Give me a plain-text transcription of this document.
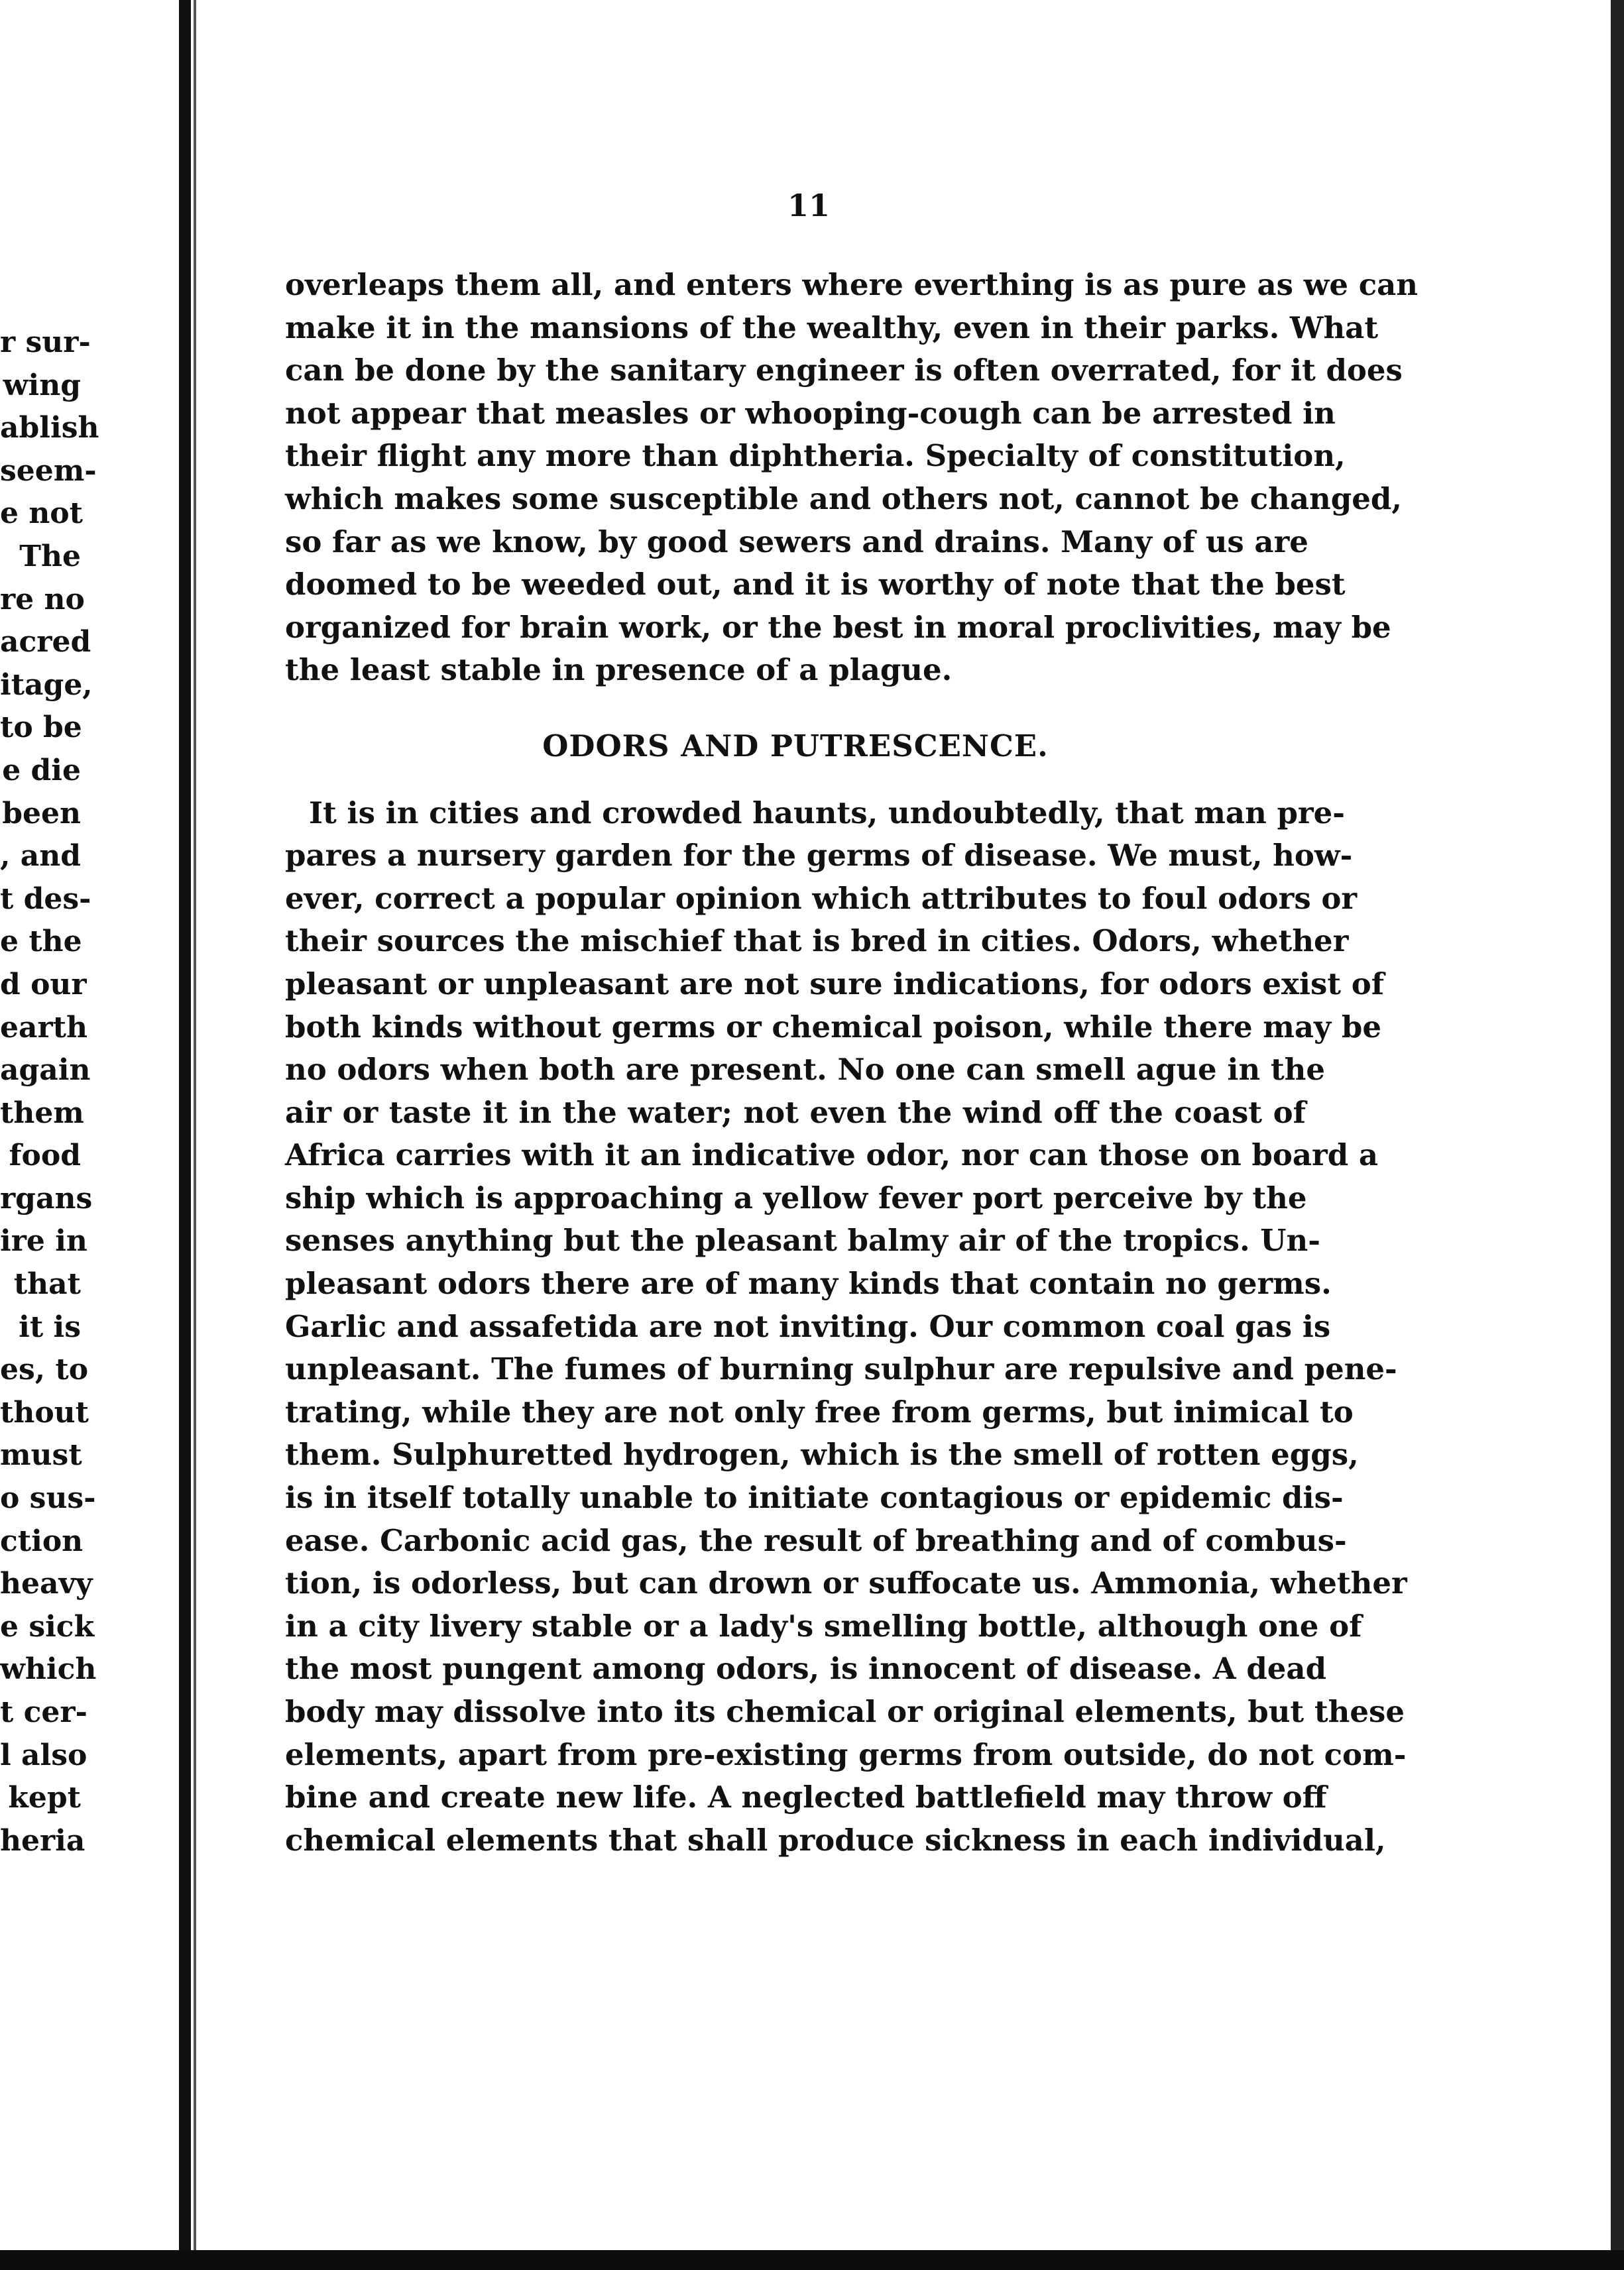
r sur-
wing
ablish
seem-
e not
The
re no
acred
itage,
to be
e die
been
, and
t des-
e the
d our
earth
again
them
food
rgans
ire in
that
it is
es, to
thout
must
o sus-
ction
heavy
e sick
which
t cer-
l also
kept
heria
11
overleaps them all, and enters where everthing is as pure as we can
make it in the mansions of the wealthy, even in their parks. What
can be done by the sanitary engineer is often overrated, for it does
not appear that measles or whooping-cough can be arrested in
their flight any more than diphtheria. Specialty of constitution,
which makes some susceptible and others not, cannot be changed,
so far as we know, by good sewers and drains. Many of us are
doomed to be weeded out, and it is worthy of note that the best
organized for brain work, or the best in moral proclivities, may be
the least stable in presence of a plague.
ODORS AND PUTRESCENCE.
It is in cities and crowded haunts, undoubtedly, that man pre-
pares a nursery garden for the germs of disease. We must, how-
ever, correct a popular opinion which attributes to foul odors or
their sources the mischief that is bred in cities. Odors, whether
pleasant or unpleasant are not sure indications, for odors exist of
both kinds without germs or chemical poison, while there may be
no odors when both are present. No one can smell ague in the
air or taste it in the water; not even the wind off the coast of
Africa carries with it an indicative odor, nor can those on board a
ship which is approaching a yellow fever port perceive by the
senses anything but the pleasant balmy air of the tropics. Un-
pleasant odors there are of many kinds that contain no germs.
Garlic and assafetida are not inviting. Our common coal gas is
unpleasant. The fumes of burning sulphur are repulsive and pene-
trating, while they are not only free from germs, but inimical to
them. Sulphuretted hydrogen, which is the smell of rotten eggs,
is in itself totally unable to initiate contagious or epidemic dis-
ease. Carbonic acid gas, the result of breathing and of combus-
tion, is odorless, but can drown or suffocate us. Ammonia, whether
in a city livery stable or a lady's smelling bottle, although one of
the most pungent among odors, is innocent of disease. A dead
body may dissolve into its chemical or original elements, but these
elements, apart from pre-existing germs from outside, do not com-
bine and create new life. A neglected battlefield may throw off
chemical elements that shall produce sickness in each individual,
